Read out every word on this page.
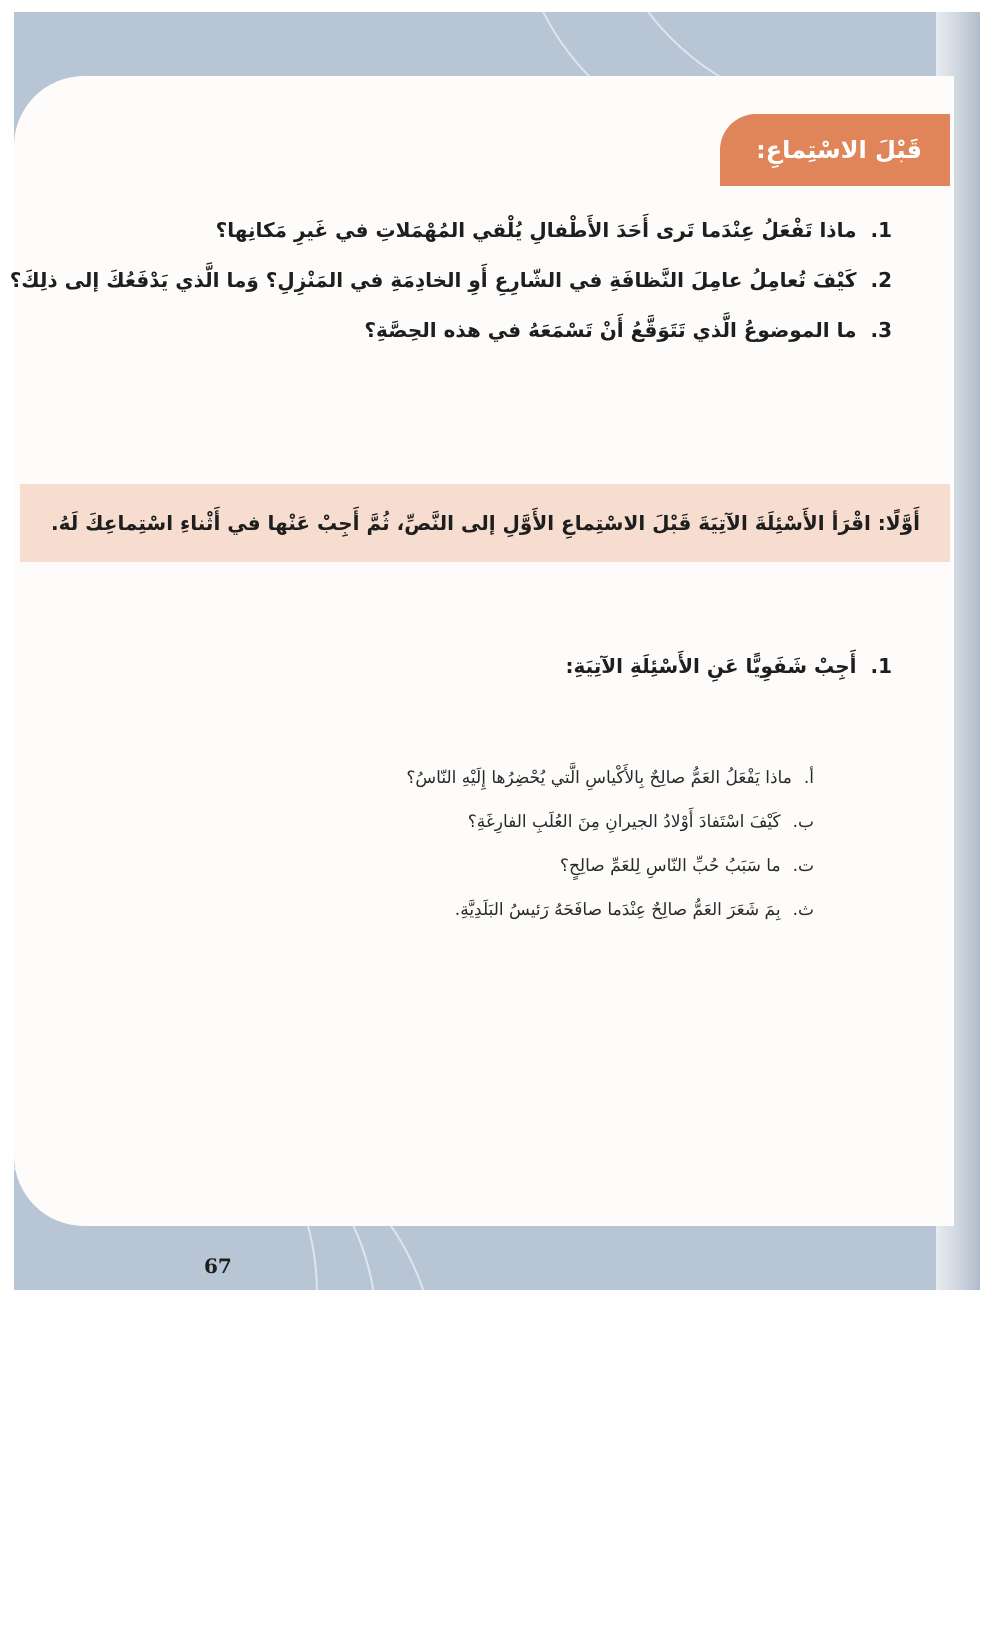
قَبْلَ الاسْتِماعِ:
1.ماذا تَفْعَلُ عِنْدَما تَرى أَحَدَ الأَطْفالِ يُلْقي المُهْمَلاتِ في غَيرِ مَكانِها؟
2.كَيْفَ تُعامِلُ عامِلَ النَّظافَةِ في الشّارِعِ أَوِ الخادِمَةِ في المَنْزِلِ؟ وَما الَّذي يَدْفَعُكَ إلى ذلِكَ؟
3.ما الموضوعُ الَّذي تَتَوَقَّعُ أَنْ تَسْمَعَهُ في هذه الحِصَّةِ؟
أَوَّلًا: اقْرَأ الأَسْئِلَةَ الآتِيَةَ قَبْلَ الاسْتِماعِ الأَوَّلِ إلى النَّصِّ، ثُمَّ أَجِبْ عَنْها في أَثْناءِ اسْتِماعِكَ لَهُ.
1.أَجِبْ شَفَوِيًّا عَنِ الأَسْئِلَةِ الآتِيَةِ:
أ.ماذا يَفْعَلُ العَمُّ صالِحٌ بِالأَكْياسِ الَّتي يُحْضِرُها إِلَيْهِ النّاسُ؟
ب.كَيْفَ اسْتَفادَ أَوْلادُ الجيرانِ مِنَ العُلَبِ الفارِغَةِ؟
ت.ما سَبَبُ حُبِّ النّاسِ لِلعَمِّ صالِحٍ؟
ث.بِمَ شَعَرَ العَمُّ صالِحٌ عِنْدَما صافَحَهُ رَئيسُ البَلَدِيَّةِ.
67
